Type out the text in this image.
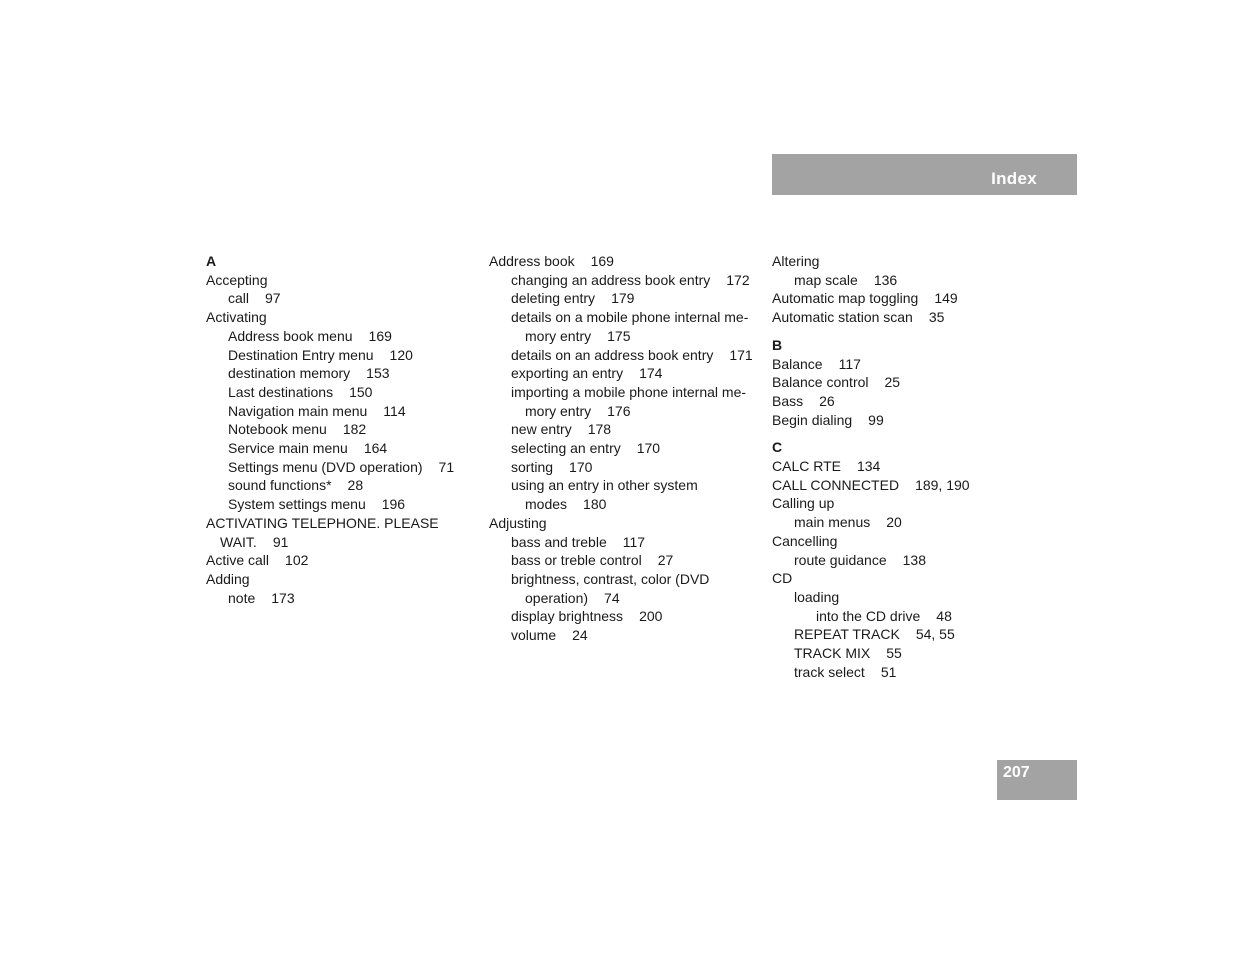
Index
A
Accepting
call 97
Activating
Address book menu 169
Destination Entry menu 120
destination memory 153
Last destinations 150
Navigation main menu 114
Notebook menu 182
Service main menu 164
Settings menu (DVD operation) 71
sound functions* 28
System settings menu 196
ACTIVATING TELEPHONE. PLEASE
WAIT. 91
Active call 102
Adding
note 173
Address book 169
changing an address book entry 172
deleting entry 179
details on a mobile phone internal me-
mory entry 175
details on an address book entry 171
exporting an entry 174
importing a mobile phone internal me-
mory entry 176
new entry 178
selecting an entry 170
sorting 170
using an entry in other system
modes 180
Adjusting
bass and treble 117
bass or treble control 27
brightness, contrast, color (DVD
operation) 74
display brightness 200
volume 24
Altering
map scale 136
Automatic map toggling 149
Automatic station scan 35
B
Balance 117
Balance control 25
Bass 26
Begin dialing 99
C
CALC RTE 134
CALL CONNECTED 189, 190
Calling up
main menus 20
Cancelling
route guidance 138
CD
loading
into the CD drive 48
REPEAT TRACK 54, 55
TRACK MIX 55
track select 51
207
